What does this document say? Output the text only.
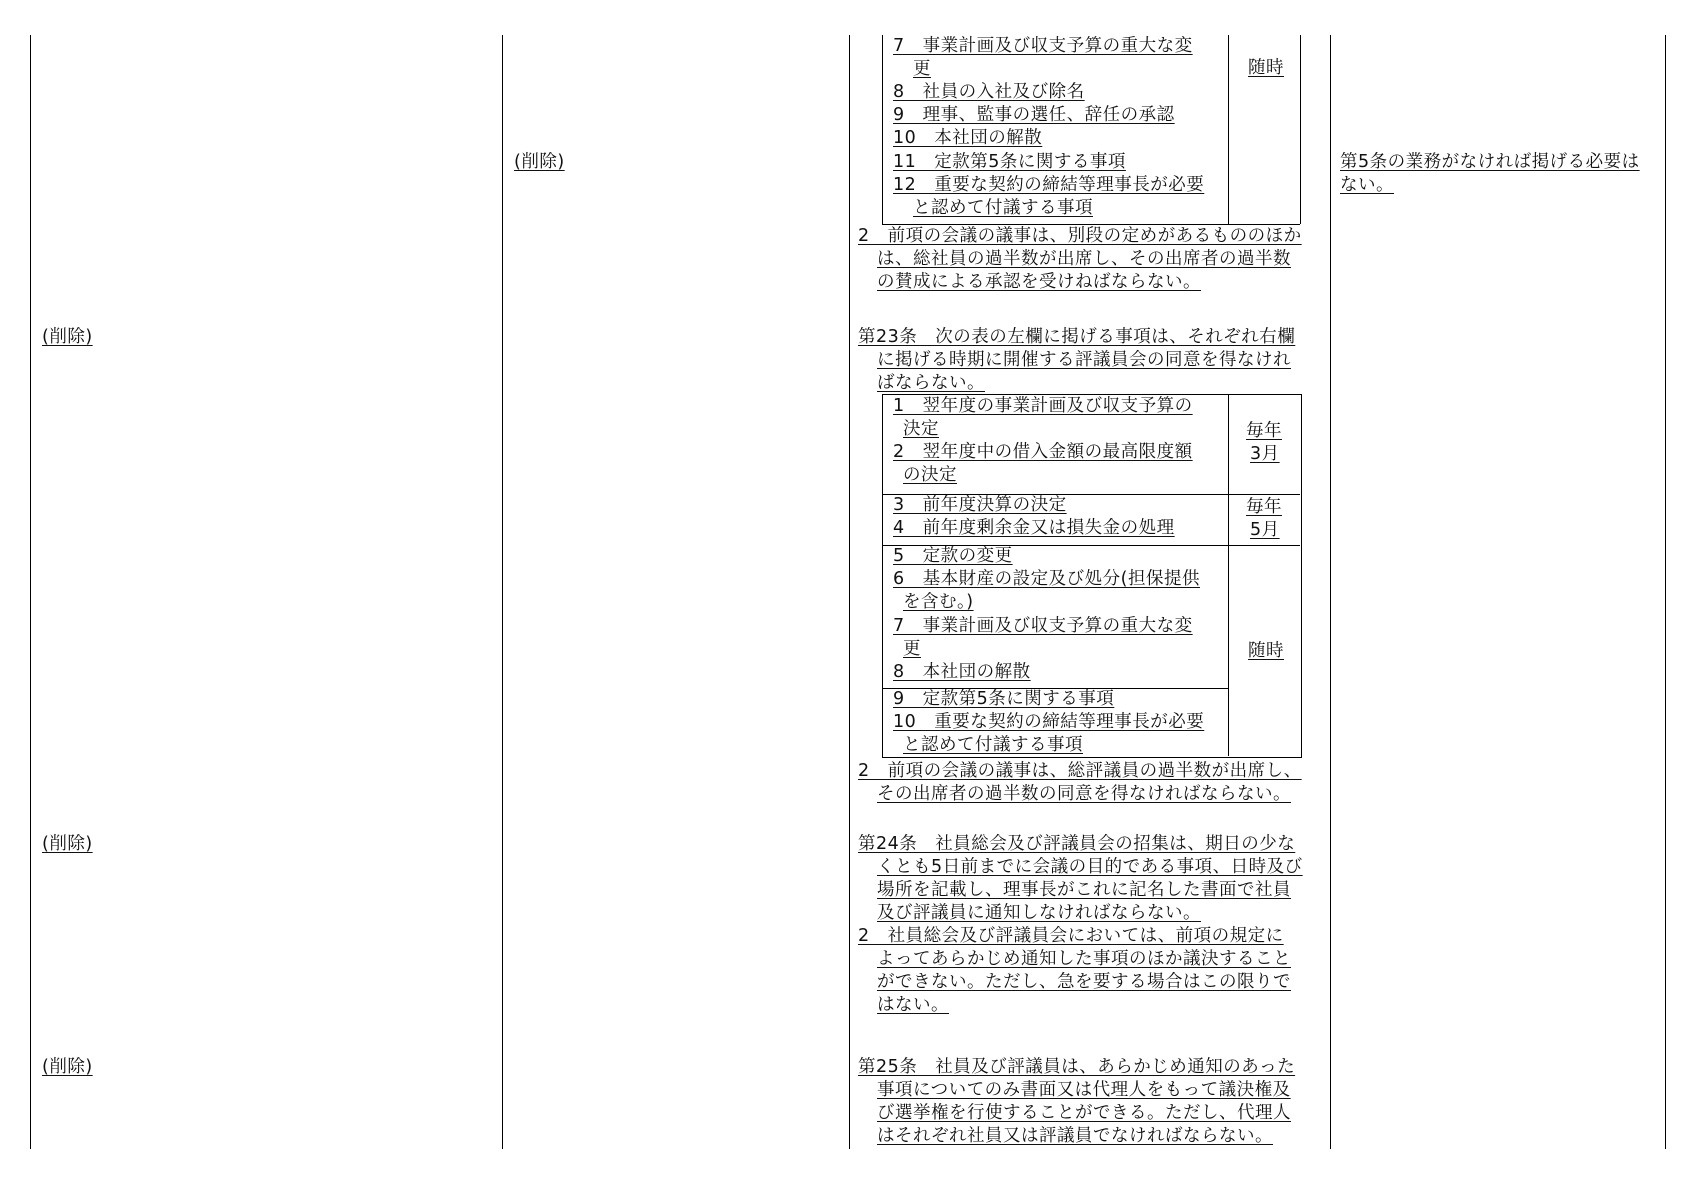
(削除)
(削除)
(削除)
(削除)
7　事業計画及び収支予算の重大な変
更
8　社員の入社及び除名
9　理事、監事の選任、辞任の承認
10　本社団の解散
11　定款第5条に関する事項
12　重要な契約の締結等理事長が必要
と認めて付議する事項
随時
2　前項の会議の議事は、別段の定めがあるもののほか
は、総社員の過半数が出席し、その出席者の過半数
の賛成による承認を受けねばならない。
第23条　次の表の左欄に掲げる事項は、それぞれ右欄
に掲げる時期に開催する評議員会の同意を得なけれ
ばならない。
1　翌年度の事業計画及び収支予算の
決定
2　翌年度中の借入金額の最高限度額
の決定
毎年
3月
3　前年度決算の決定
4　前年度剰余金又は損失金の処理
毎年
5月
5　定款の変更
6　基本財産の設定及び処分(担保提供
を含む。)
7　事業計画及び収支予算の重大な変
更
8　本社団の解散
9　定款第5条に関する事項
10　重要な契約の締結等理事長が必要
と認めて付議する事項
随時
2　前項の会議の議事は、総評議員の過半数が出席し、
その出席者の過半数の同意を得なければならない。
第24条　社員総会及び評議員会の招集は、期日の少な
くとも5日前までに会議の目的である事項、日時及び
場所を記載し、理事長がこれに記名した書面で社員
及び評議員に通知しなければならない。
2　社員総会及び評議員会においては、前項の規定に
よってあらかじめ通知した事項のほか議決すること
ができない。ただし、急を要する場合はこの限りで
はない。
第25条　社員及び評議員は、あらかじめ通知のあった
事項についてのみ書面又は代理人をもって議決権及
び選挙権を行使することができる。ただし、代理人
はそれぞれ社員又は評議員でなければならない。
第5条の業務がなければ掲げる必要は
ない。
